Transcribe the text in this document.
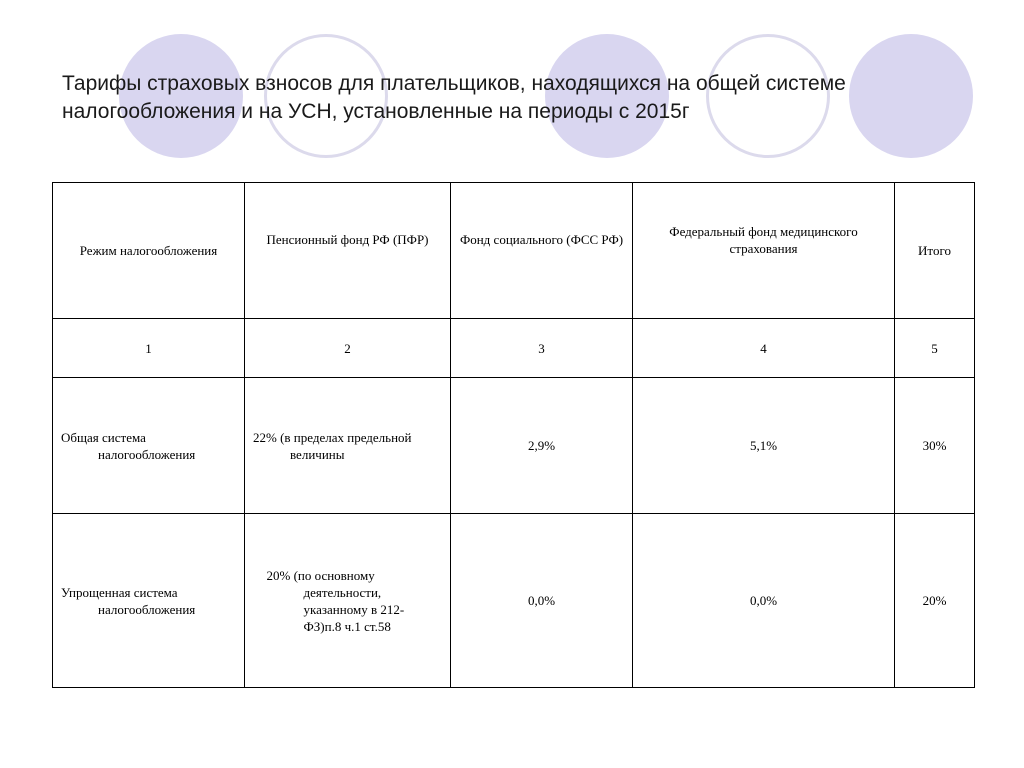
Тарифы страховых взносов для плательщиков, находящихся на общей системе налогообложения и на УСН, установленные на периоды с 2015г
Режим налогообложения	Пенсионный фонд РФ (ПФР)	Фонд социального (ФСС РФ)	Федеральный фонд медицинского страхования	Итого
1	2	3	4	5
Общая система налогообложения	22% (в пределах предельной величины	2,9%	5,1%	30%
Упрощенная система налогообложения	20% (по основному деятельности, указанному в 212-ФЗ)п.8 ч.1 ст.58	0,0%	0,0%	20%
